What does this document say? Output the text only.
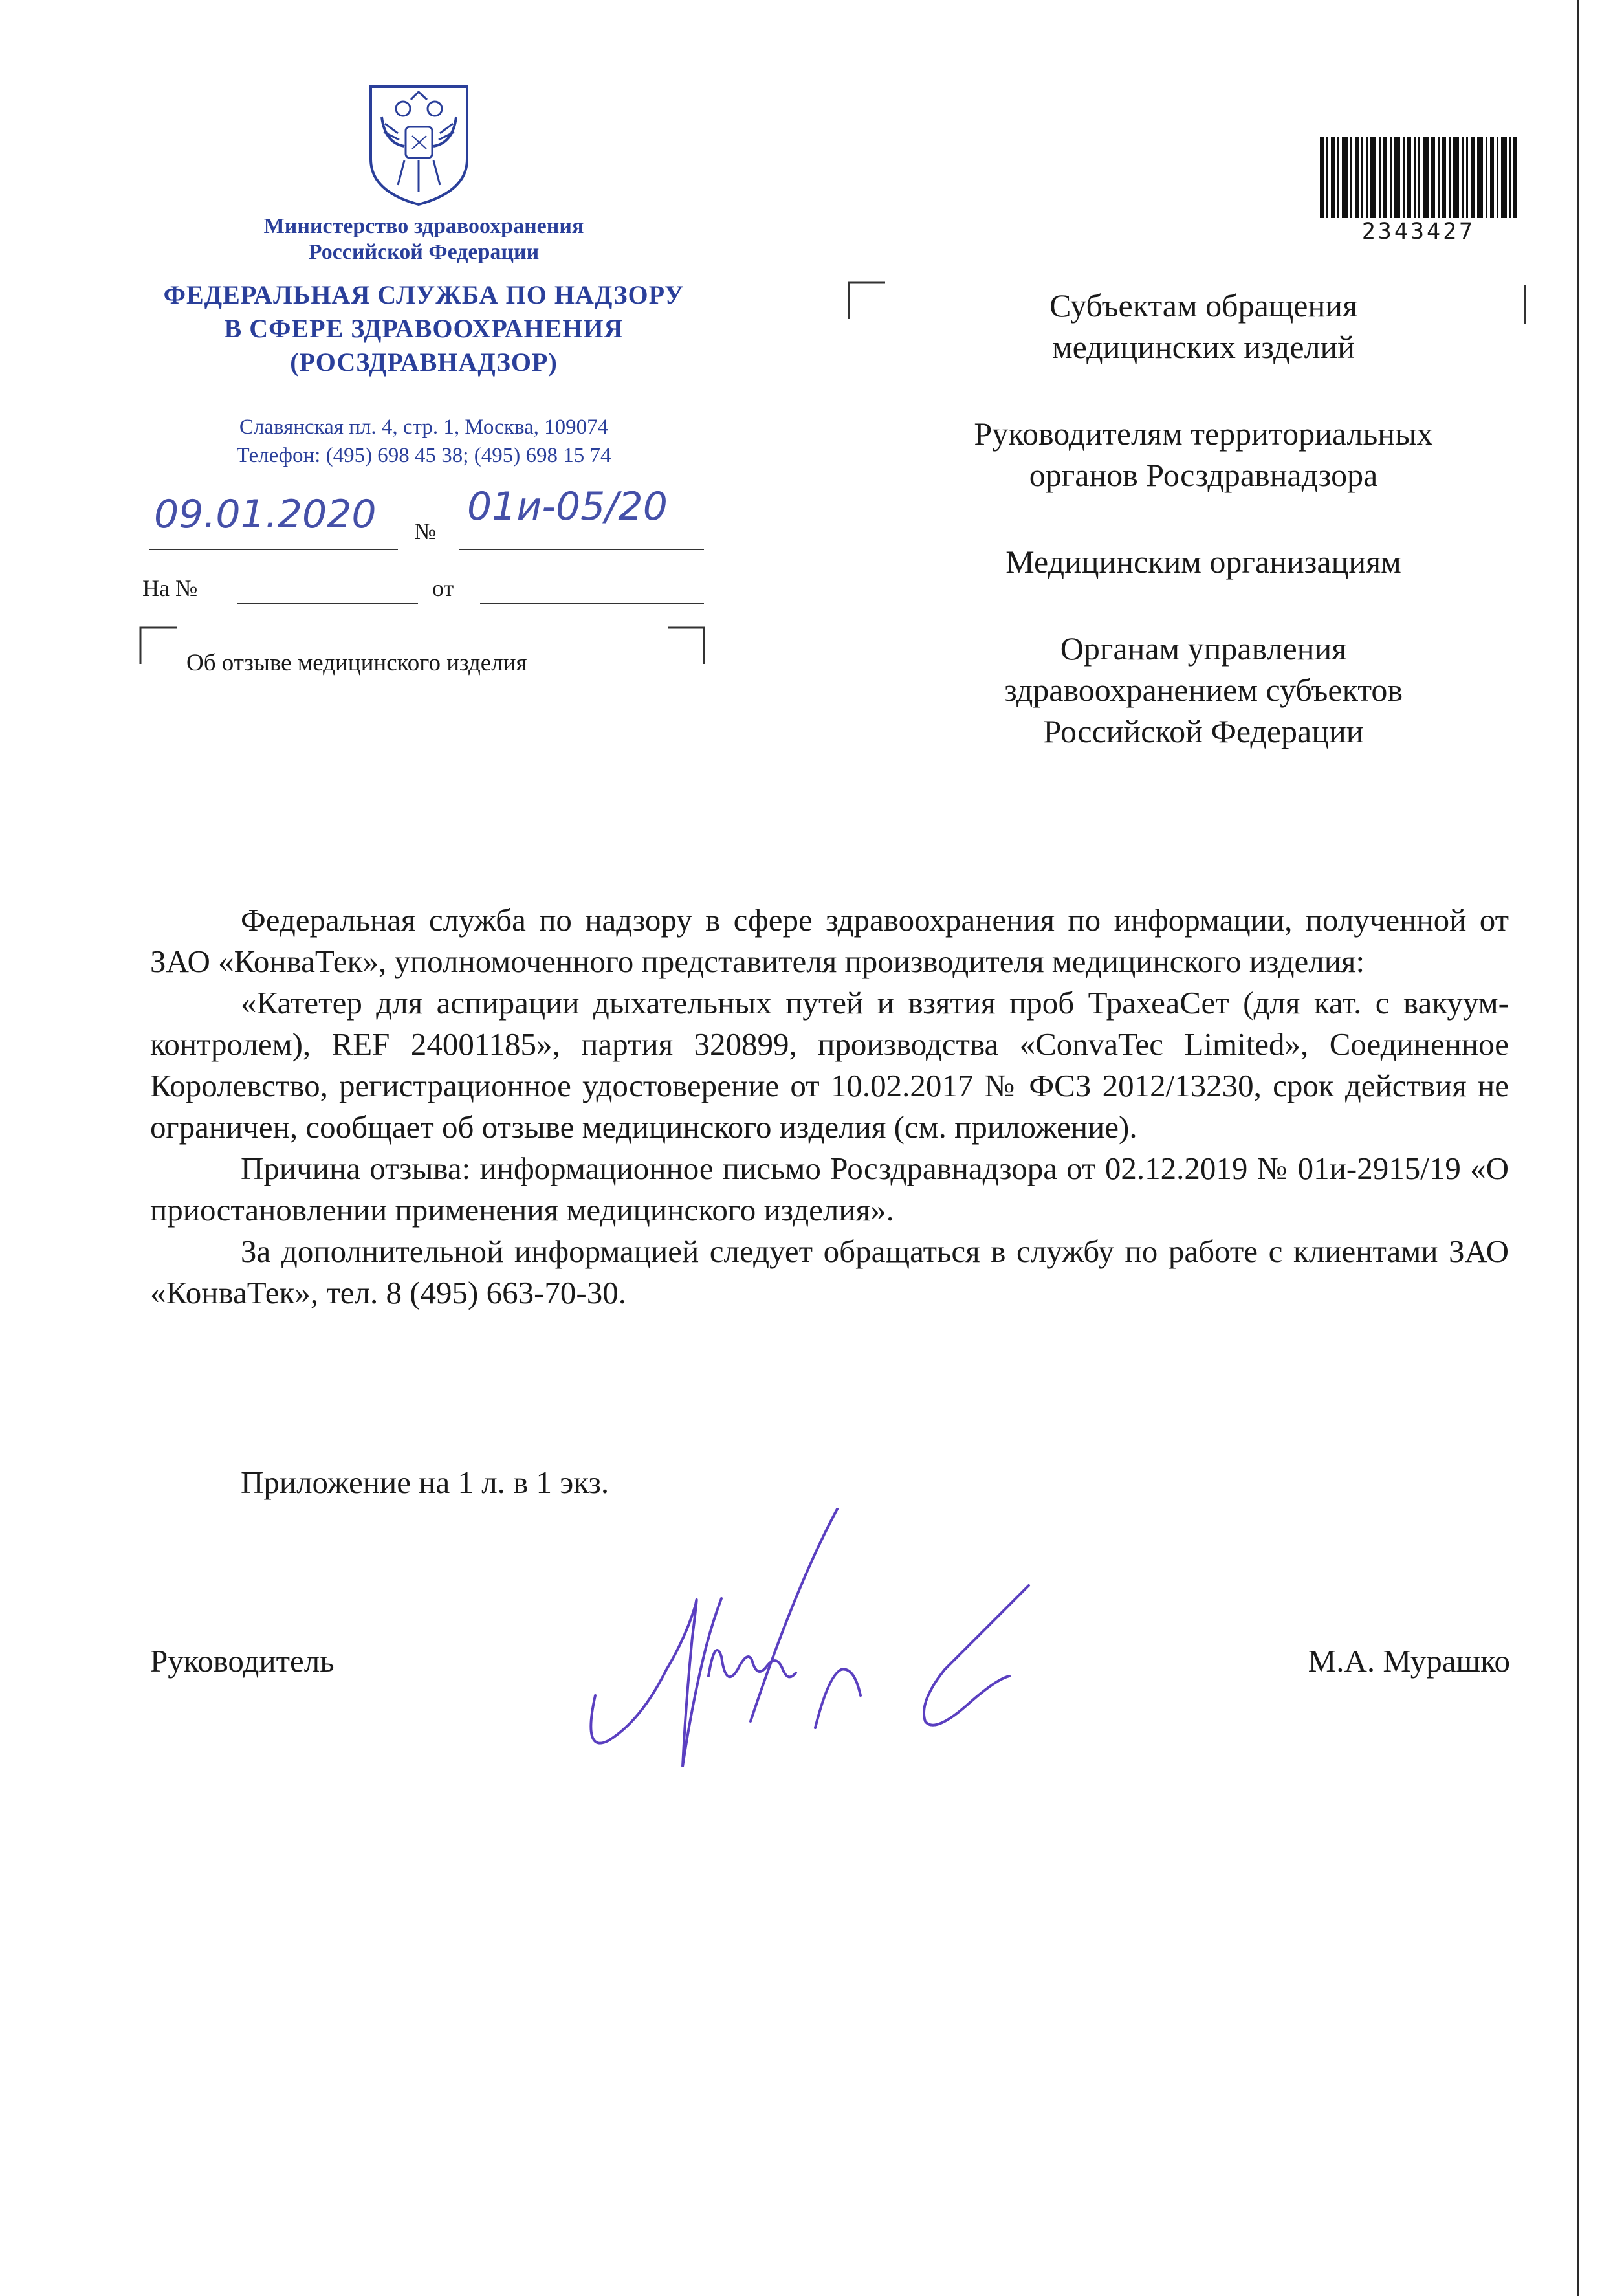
Министерство здравоохранения
Российской Федерации
ФЕДЕРАЛЬНАЯ СЛУЖБА ПО НАДЗОРУ
В СФЕРЕ ЗДРАВООХРАНЕНИЯ
(РОСЗДРАВНАДЗОР)
Славянская пл. 4, стр. 1, Москва, 109074
Телефон: (495) 698 45 38; (495) 698 15 74
09.01.2020 №
01и-05/20
На №	от
Об отзыве медицинского изделия
2343427
Субъектам обращения
медицинских изделий
Руководителям территориальных
органов Росздравнадзора
Медицинским организациям
Органам управления
здравоохранением субъектов
Российской Федерации

Федеральная служба по надзору в сфере здравоохранения по информации, полученной от ЗАО «КонваТек», уполномоченного представителя производителя медицинского изделия:

«Катетер для аспирации дыхательных путей и взятия проб ТрахеаСет (для кат. с вакуум-контролем), REF 24001185», партия 320899, производства «ConvaTec Limited», Соединенное Королевство, регистрационное удостоверение от 10.02.2017 № ФСЗ 2012/13230, срок действия не ограничен, сообщает об отзыве медицинского изделия (см. приложение).

Причина отзыва: информационное письмо Росздравнадзора от 02.12.2019 № 01и-2915/19 «О приостановлении применения медицинского изделия».

За дополнительной информацией следует обращаться в службу по работе с клиентами ЗАО «КонваТек», тел. 8 (495) 663-70-30.

Приложение на 1 л. в 1 экз.
Руководитель	М.А. Мурашко
